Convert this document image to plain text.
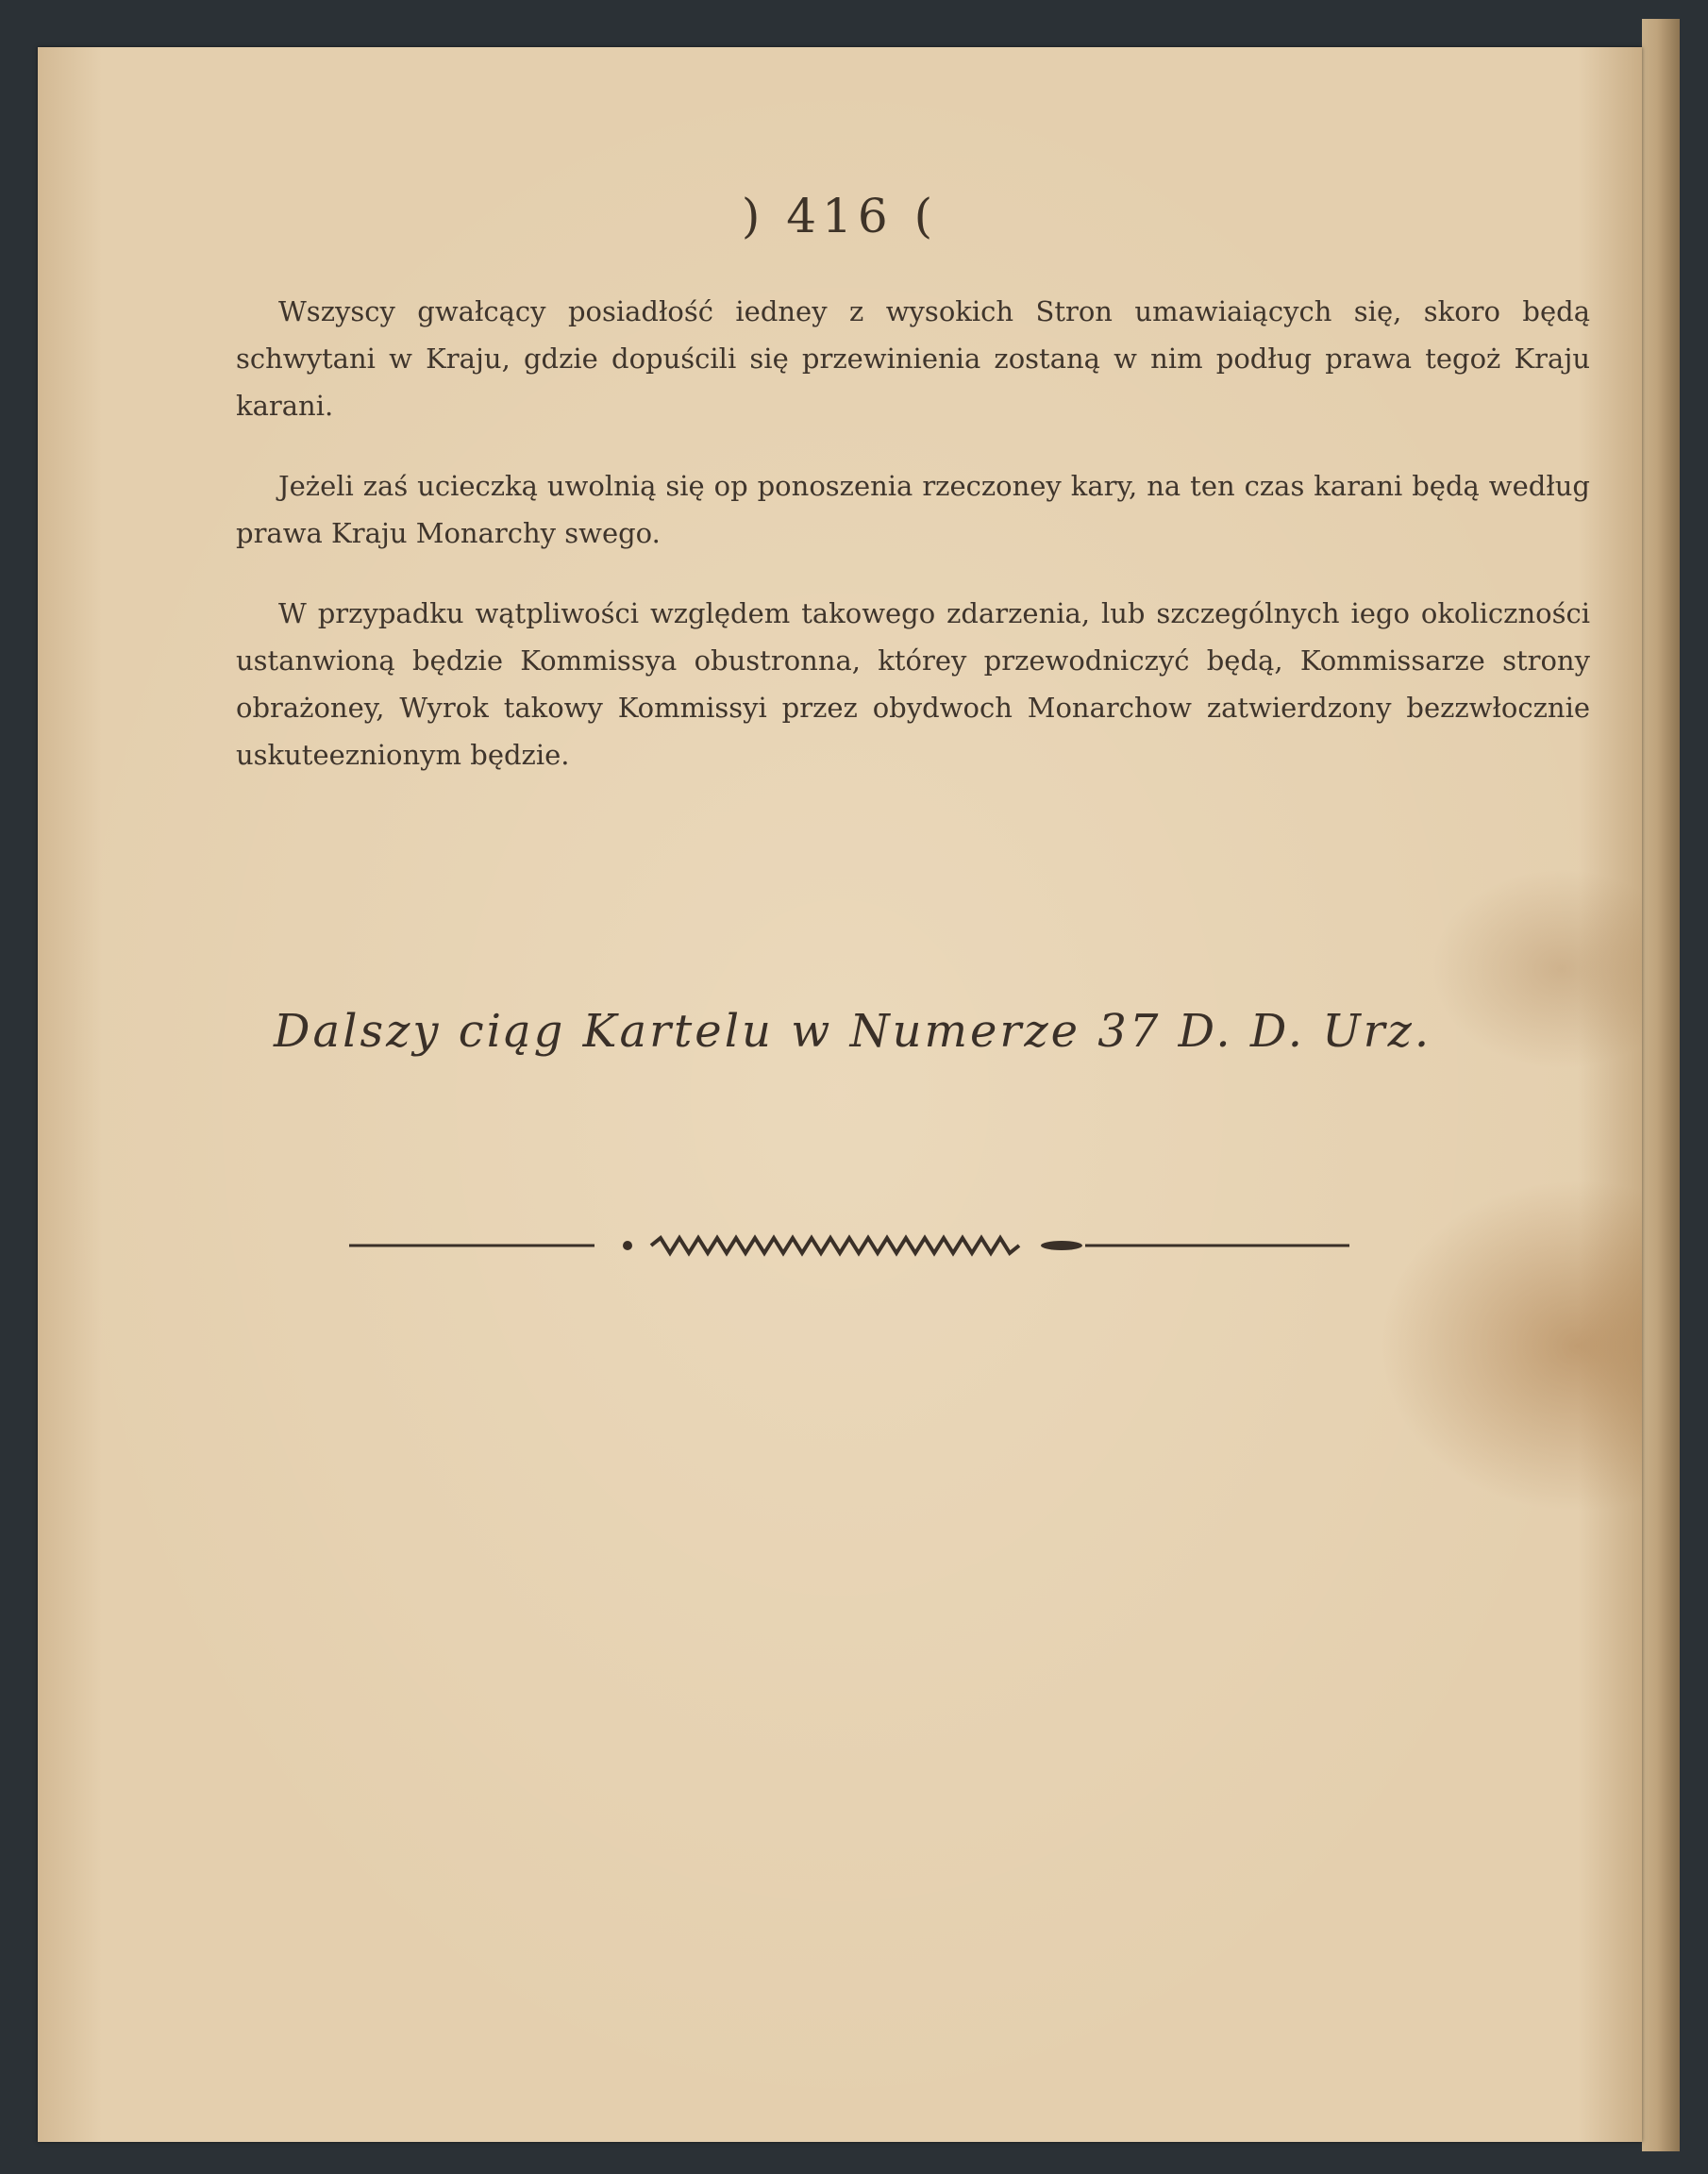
) 416 (

Wszyscy gwałcący posiadłość iedney z wysokich Stron umawiaiących się, skoro będą schwytani w Kraju, gdzie dopuścili się przewinienia zostaną w nim podług prawa tegoż Kraju karani.

Jeżeli zaś ucieczką uwolnią się op ponoszenia rzeczoney kary, na ten czas karani będą według prawa Kraju Monarchy swego.

W przypadku wątpliwości względem takowego zdarzenia, lub szczególnych iego okoliczności ustanwioną będzie Kommissya obustronna, którey przewodniczyć będą, Kommissarze strony obrażoney, Wyrok takowy Kommissyi przez obydwoch Monarchow zatwierdzony bezzwłocznie uskuteeznionym będzie.

Dalszy ciąg Kartelu w Numerze 37 D. D. Urz.
